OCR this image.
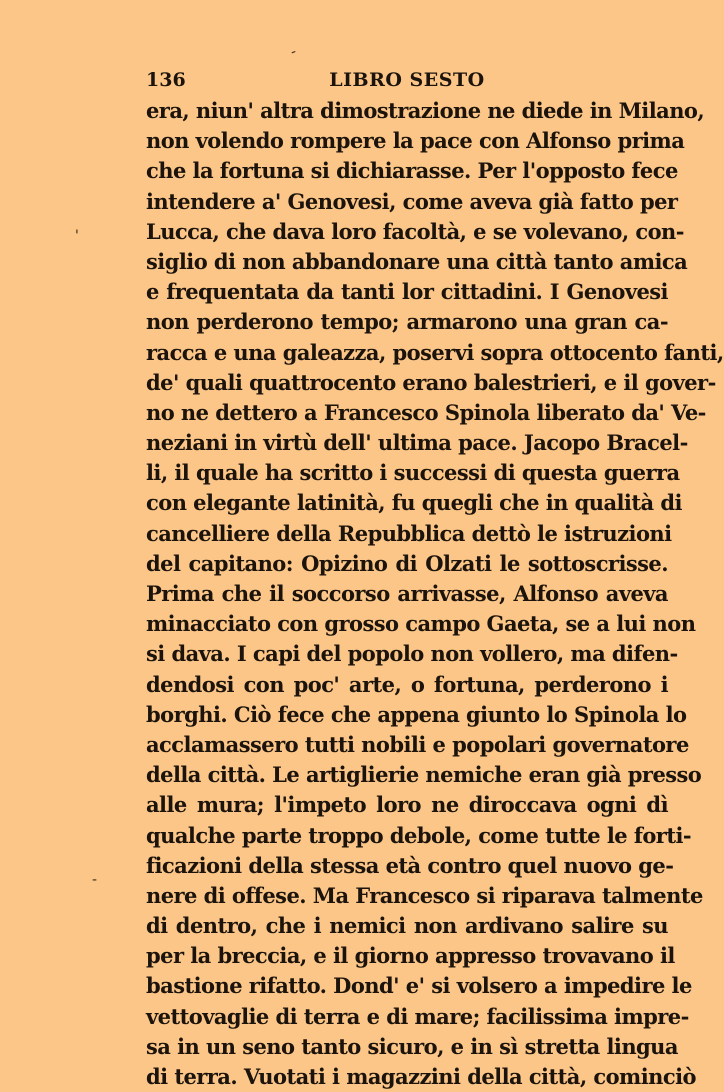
-
'
-
136	LIBRO SESTO
era, niun' altra dimostrazione ne diede in Milano,
non volendo rompere la pace con Alfonso prima
che la fortuna si dichiarasse. Per l'opposto fece
intendere a' Genovesi, come aveva già fatto per
Lucca, che dava loro facoltà, e se volevano, con-
siglio di non abbandonare una città tanto amica
e frequentata da tanti lor cittadini. I Genovesi
non perderono tempo; armarono una gran ca-
racca e una galeazza, poservi sopra ottocento fanti,
de' quali quattrocento erano balestrieri, e il gover-
no ne dettero a Francesco Spinola liberato da' Ve-
neziani in virtù dell' ultima pace. Jacopo Bracel-
li, il quale ha scritto i successi di questa guerra
con elegante latinità, fu quegli che in qualità di
cancelliere della Repubblica dettò le istruzioni
del capitano: Opizino di Olzati le sottoscrisse.
Prima che il soccorso arrivasse, Alfonso aveva
minacciato con grosso campo Gaeta, se a lui non
si dava. I capi del popolo non vollero, ma difen-
dendosi con poc' arte, o fortuna, perderono i
borghi. Ciò fece che appena giunto lo Spinola lo
acclamassero tutti nobili e popolari governatore
della città. Le artiglierie nemiche eran già presso
alle mura; l'impeto loro ne diroccava ogni dì
qualche parte troppo debole, come tutte le forti-
ficazioni della stessa età contro quel nuovo ge-
nere di offese. Ma Francesco si riparava talmente
di dentro, che i nemici non ardivano salire su
per la breccia, e il giorno appresso trovavano il
bastione rifatto. Dond' e' si volsero a impedire le
vettovaglie di terra e di mare; facilissima impre-
sa in un seno tanto sicuro, e in sì stretta lingua
di terra. Vuotati i magazzini della città, cominciò
